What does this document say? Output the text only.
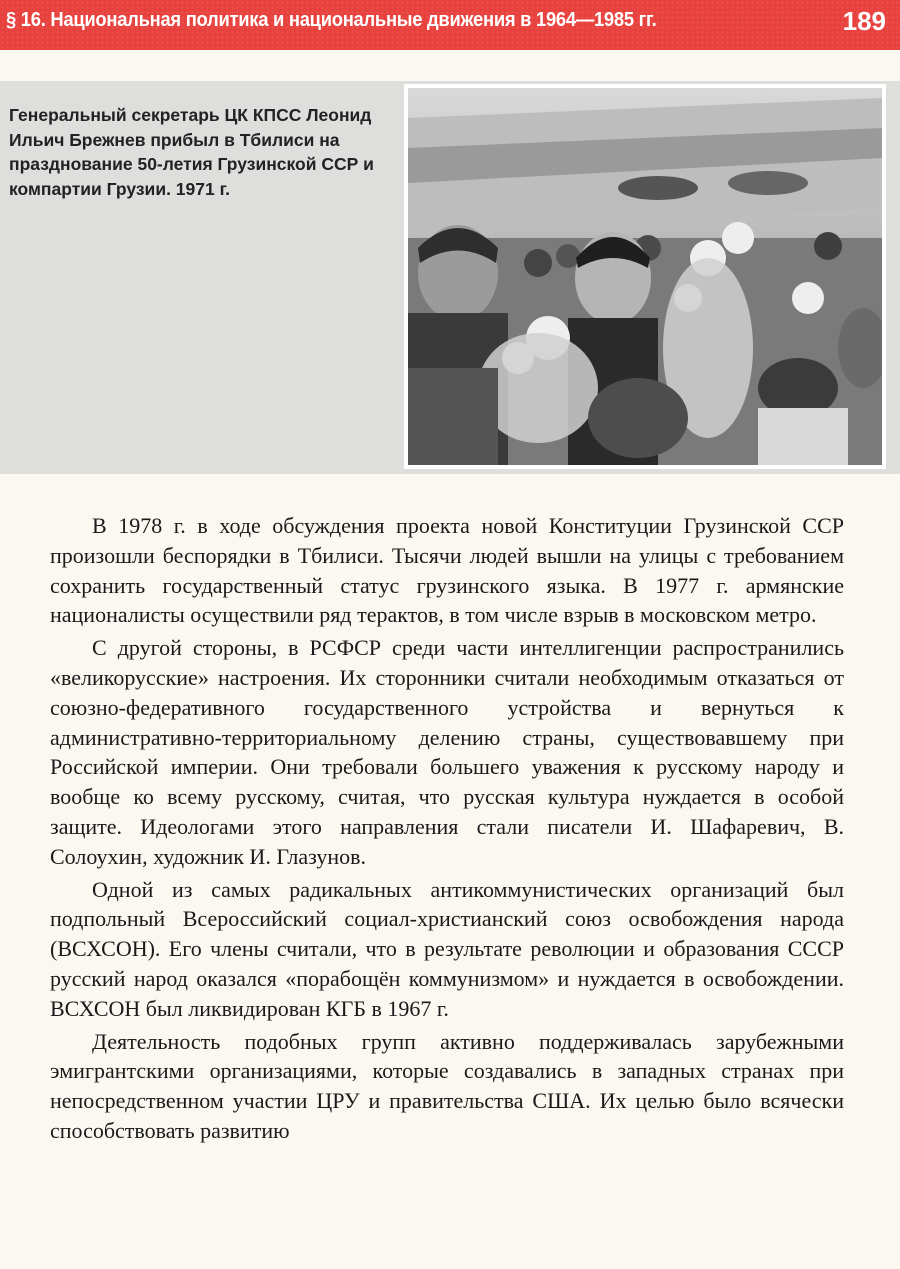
§ 16. Национальная политика и национальные движения в 1964—1985 гг.	189
Генеральный секретарь ЦК КПСС Леонид Ильич Брежнев прибыл в Тбилиси на празднование 50-летия Грузинской ССР и компартии Грузии. 1971 г.

В 1978 г. в ходе обсуждения проекта новой Конституции Грузинской ССР произошли беспорядки в Тбилиси. Тысячи людей вышли на улицы с требованием сохранить государственный статус грузинского языка. В 1977 г. армянские националисты осуществили ряд терактов, в том числе взрыв в московском метро.

С другой стороны, в РСФСР среди части интеллигенции распространились «великорусские» настроения. Их сторонники считали необходимым отказаться от союзно-федеративного государственного устройства и вернуться к административно-территориальному делению страны, существовавшему при Российской империи. Они требовали большего уважения к русскому народу и вообще ко всему русскому, считая, что русская культура нуждается в особой защите. Идеологами этого направления стали писатели И. Шафаревич, В. Солоухин, художник И. Глазунов.

Одной из самых радикальных антикоммунистических организаций был подпольный Всероссийский социал-христианский союз освобождения народа (ВСХСОН). Его члены считали, что в результате революции и образования СССР русский народ оказался «порабощён коммунизмом» и нуждается в освобождении. ВСХСОН был ликвидирован КГБ в 1967 г.

Деятельность подобных групп активно поддерживалась зарубежными эмигрантскими организациями, которые создавались в западных странах при непосредственном участии ЦРУ и правительства США. Их целью было всячески способствовать развитию
